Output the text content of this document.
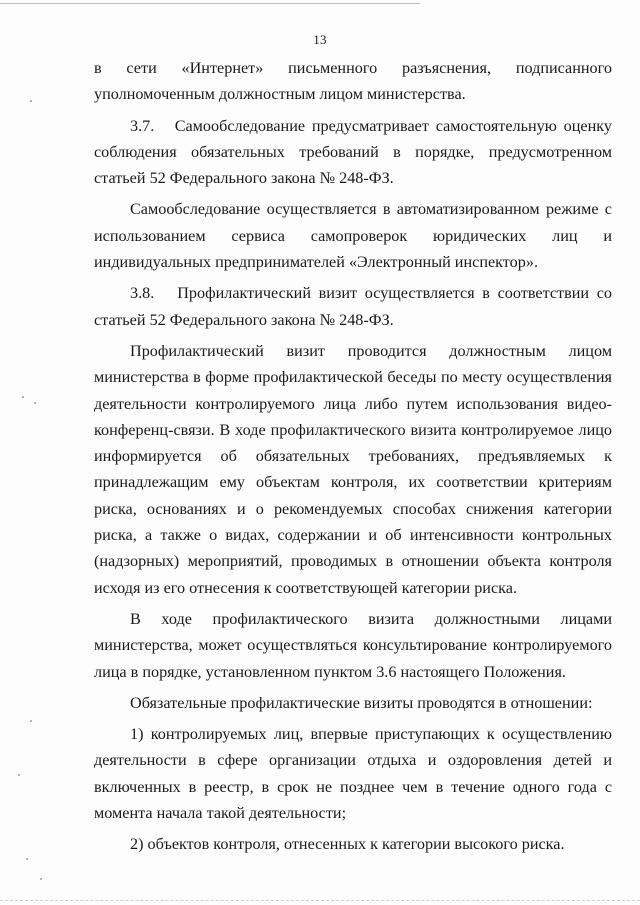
13

в сети «Интернет» письменного разъяснения, подписанного уполномоченным должностным лицом министерства.

3.7.   Самообследование предусматривает самостоятельную оценку соблюдения обязательных требований в порядке, предусмотренном статьей 52 Федерального закона № 248-ФЗ.

Самообследование осуществляется в автоматизированном режиме с использованием сервиса самопроверок юридических лиц и индивидуальных предпринимателей «Электронный инспектор».

3.8.   Профилактический визит осуществляется в соответствии со статьей 52 Федерального закона № 248-ФЗ.

Профилактический визит проводится должностным лицом министерства в форме профилактической беседы по месту осуществления деятельности контролируемого лица либо путем использования видео-конференц-связи. В ходе профилактического визита контролируемое лицо информируется об обязательных требованиях, предъявляемых к принадлежащим ему объектам контроля, их соответствии критериям риска, основаниях и о рекомендуемых способах снижения категории риска, а также о видах, содержании и об интенсивности контрольных (надзорных) мероприятий, проводимых в отношении объекта контроля исходя из его отнесения к соответствующей категории риска.

В ходе профилактического визита должностными лицами министерства, может осуществляться консультирование контролируемого лица в порядке, установленном пунктом 3.6 настоящего Положения.

Обязательные профилактические визиты проводятся в отношении:

1) контролируемых лиц, впервые приступающих к осуществлению деятельности в сфере организации отдыха и оздоровления детей и включенных в реестр, в срок не позднее чем в течение одного года с момента начала такой деятельности;

2) объектов контроля, отнесенных к категории высокого риска.
